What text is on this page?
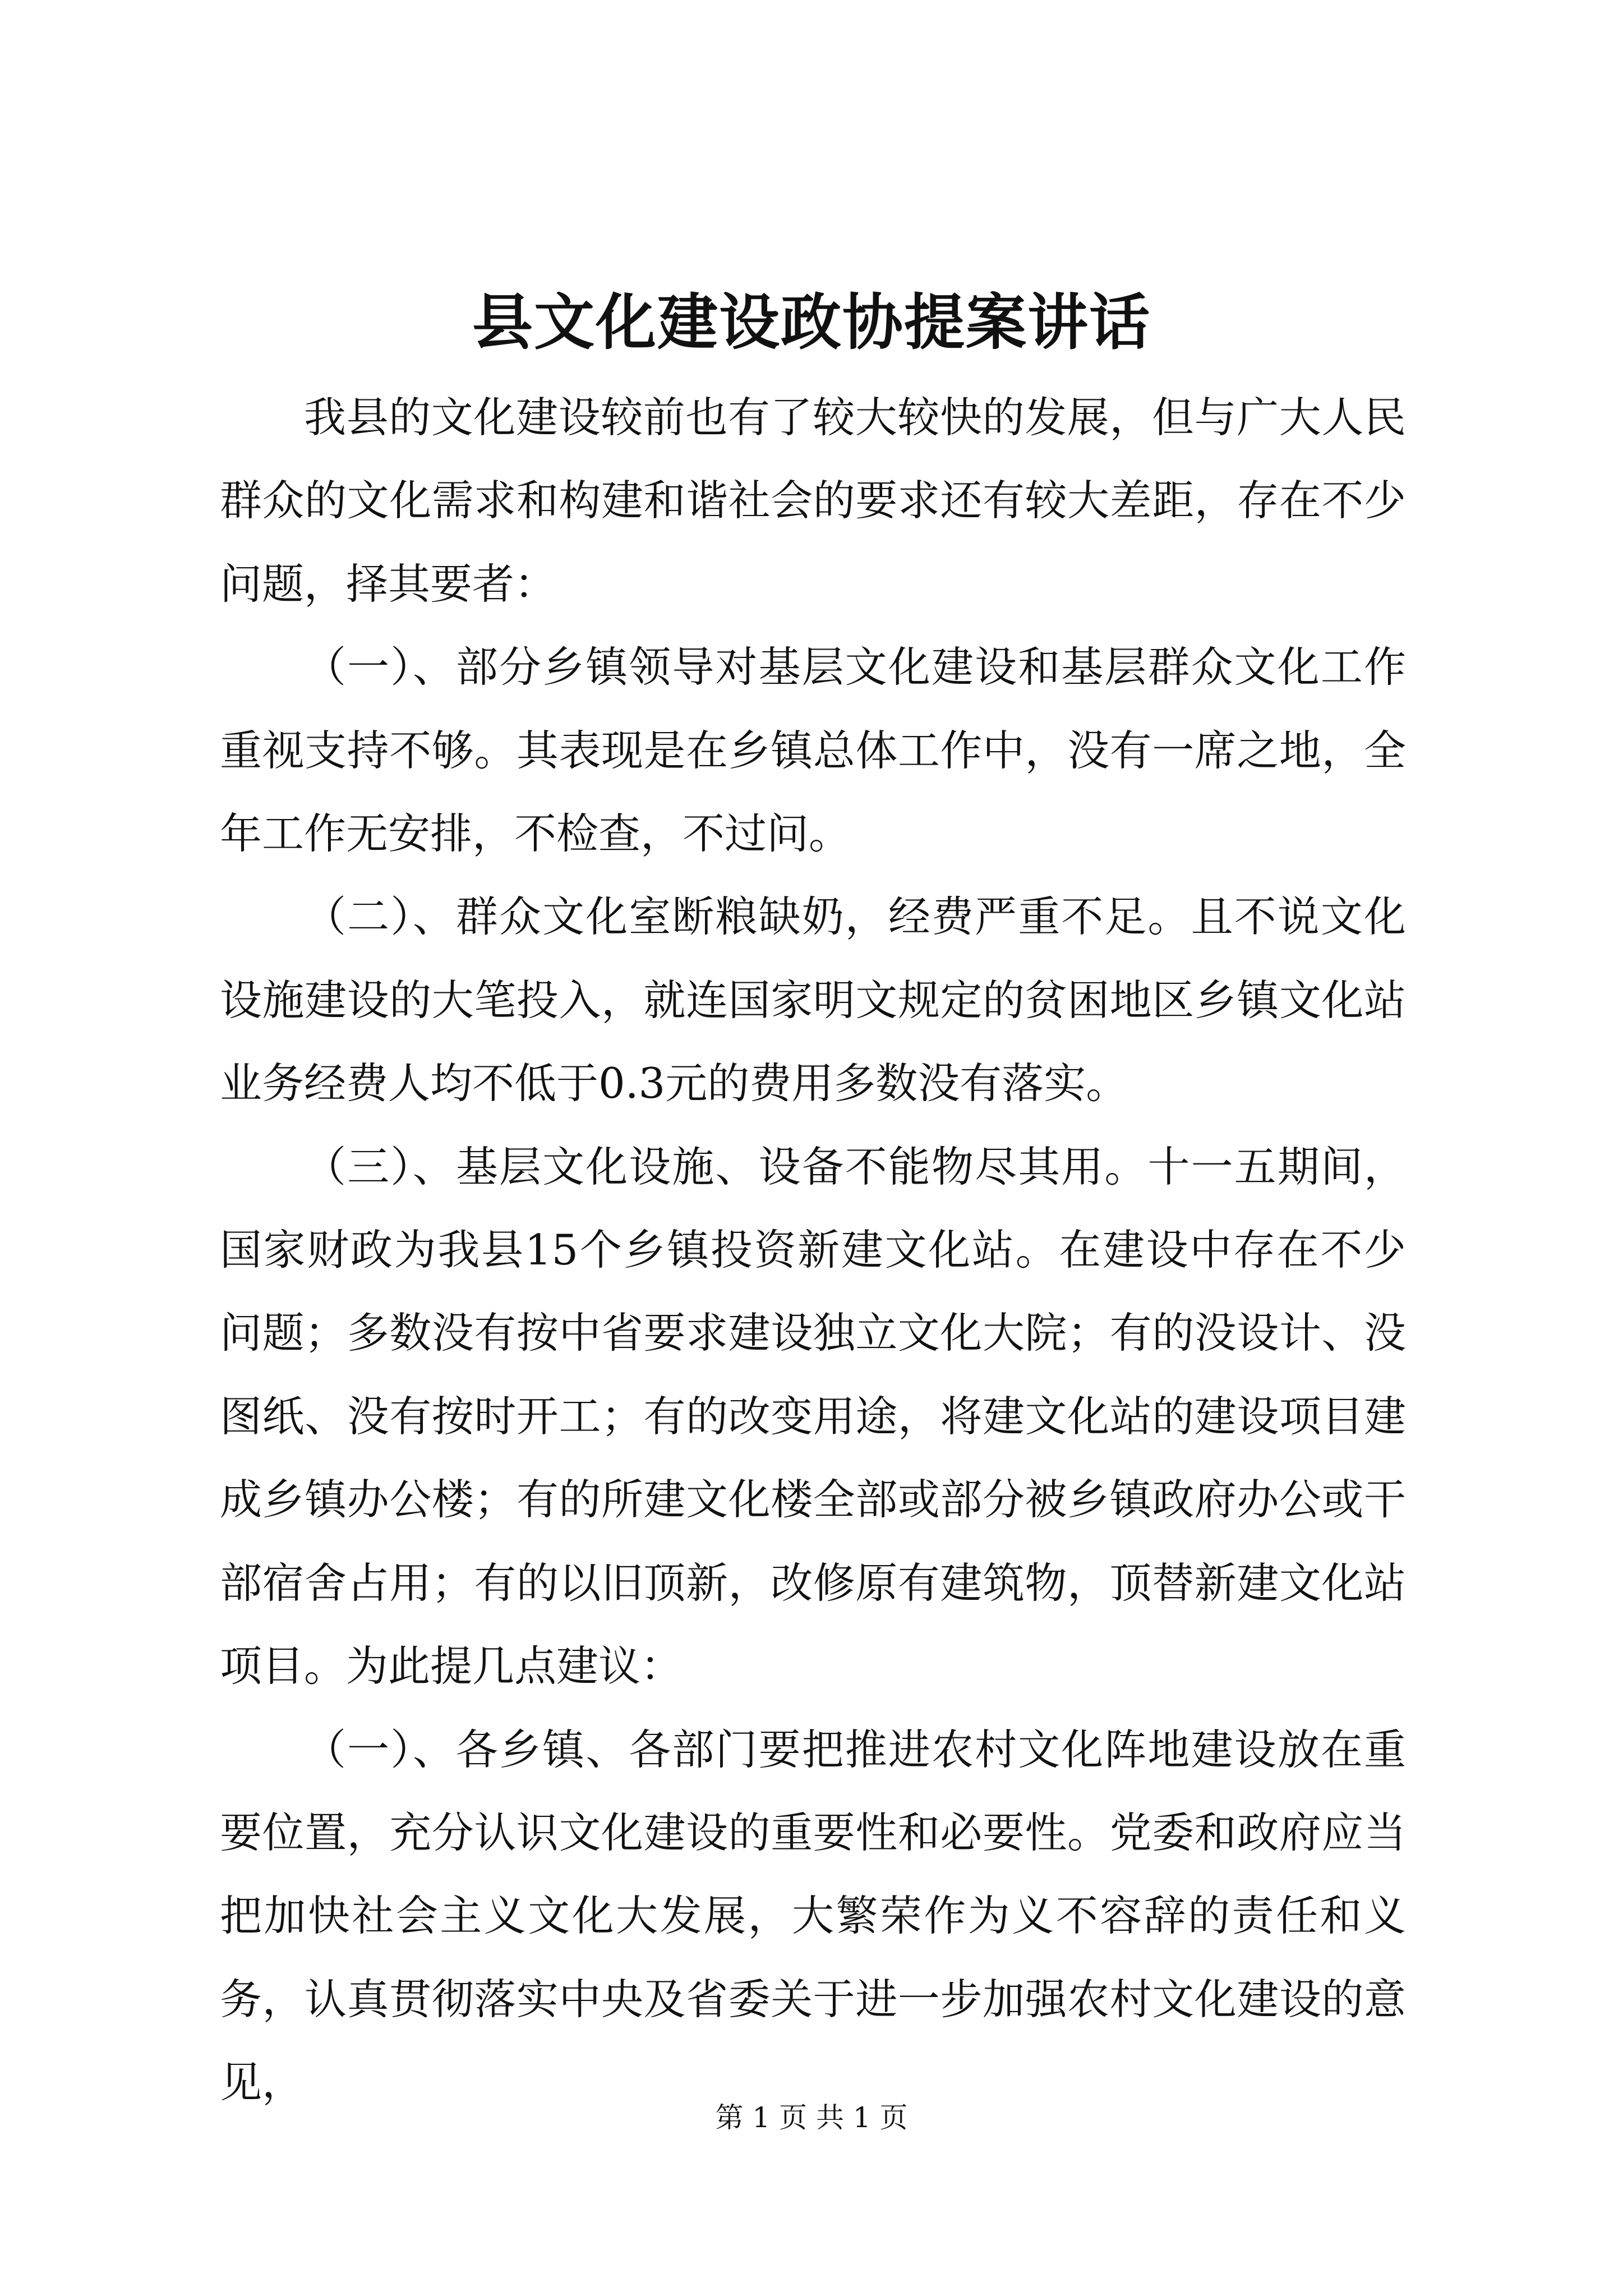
县文化建设政协提案讲话

我县的文化建设较前也有了较大较快的发展，但与广大人民群众的文化需求和构建和谐社会的要求还有较大差距，存在不少问题，择其要者：

（一）、部分乡镇领导对基层文化建设和基层群众文化工作重视支持不够。其表现是在乡镇总体工作中，没有一席之地，全年工作无安排，不检查，不过问。

（二）、群众文化室断粮缺奶，经费严重不足。且不说文化设施建设的大笔投入，就连国家明文规定的贫困地区乡镇文化站业务经费人均不低于0.3元的费用多数没有落实。

（三）、基层文化设施、设备不能物尽其用。十一五期间，国家财政为我县15个乡镇投资新建文化站。在建设中存在不少问题；多数没有按中省要求建设独立文化大院；有的没设计、没图纸、没有按时开工；有的改变用途，将建文化站的建设项目建成乡镇办公楼；有的所建文化楼全部或部分被乡镇政府办公或干部宿舍占用；有的以旧顶新，改修原有建筑物，顶替新建文化站项目。为此提几点建议：

（一）、各乡镇、各部门要把推进农村文化阵地建设放在重要位置，充分认识文化建设的重要性和必要性。党委和政府应当把加快社会主义文化大发展，大繁荣作为义不容辞的责任和义务，认真贯彻落实中央及省委关于进一步加强农村文化建设的意见，

第 1 页 共 1 页
